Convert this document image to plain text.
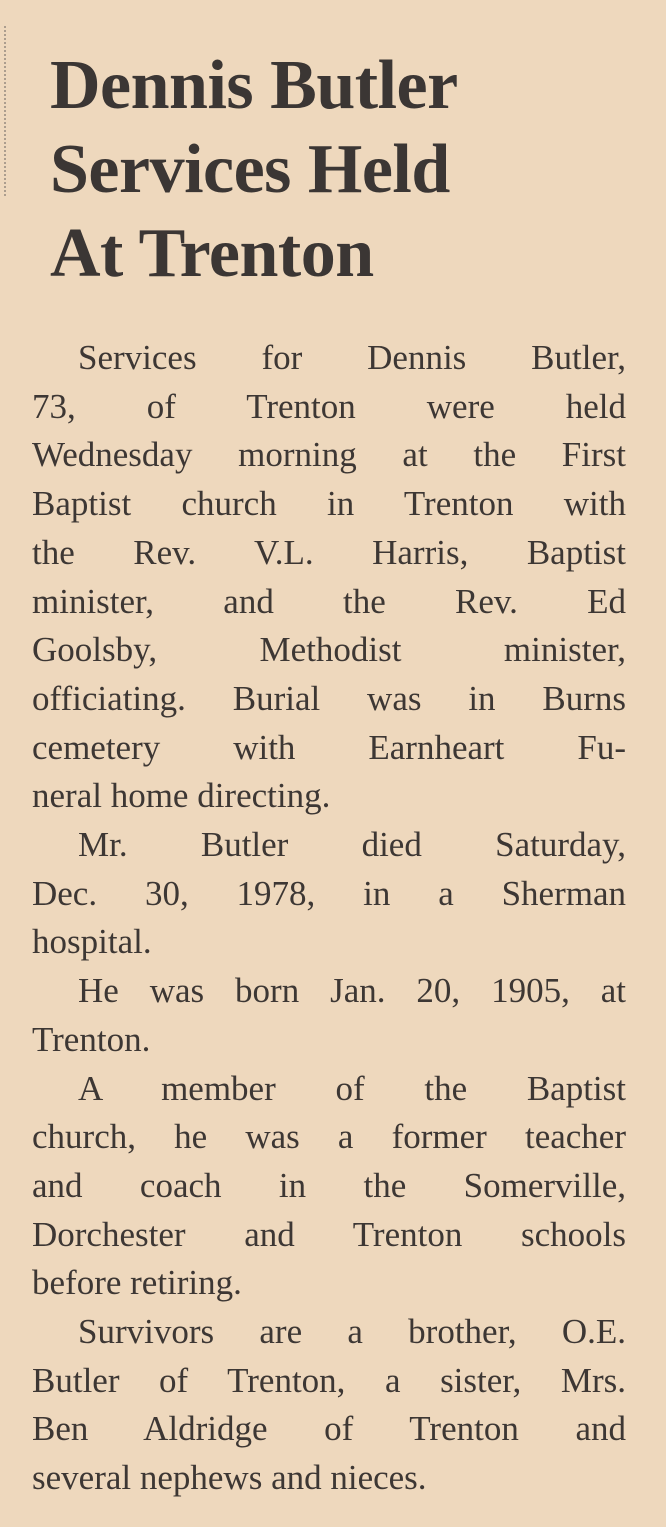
Dennis Butler
Services Held
At Trenton

Services for Dennis Butler,
73, of Trenton were held
Wednesday morning at the First
Baptist church in Trenton with
the Rev. V.L. Harris, Baptist
minister, and the Rev. Ed
Goolsby, Methodist minister,
officiating. Burial was in Burns
cemetery with Earnheart Fu-
neral home directing.

Mr. Butler died Saturday,
Dec. 30, 1978, in a Sherman
hospital.

He was born Jan. 20, 1905, at
Trenton.

A member of the Baptist
church, he was a former teacher
and coach in the Somerville,
Dorchester and Trenton schools
before retiring.

Survivors are a brother, O.E.
Butler of Trenton, a sister, Mrs.
Ben Aldridge of Trenton and
several nephews and nieces.
